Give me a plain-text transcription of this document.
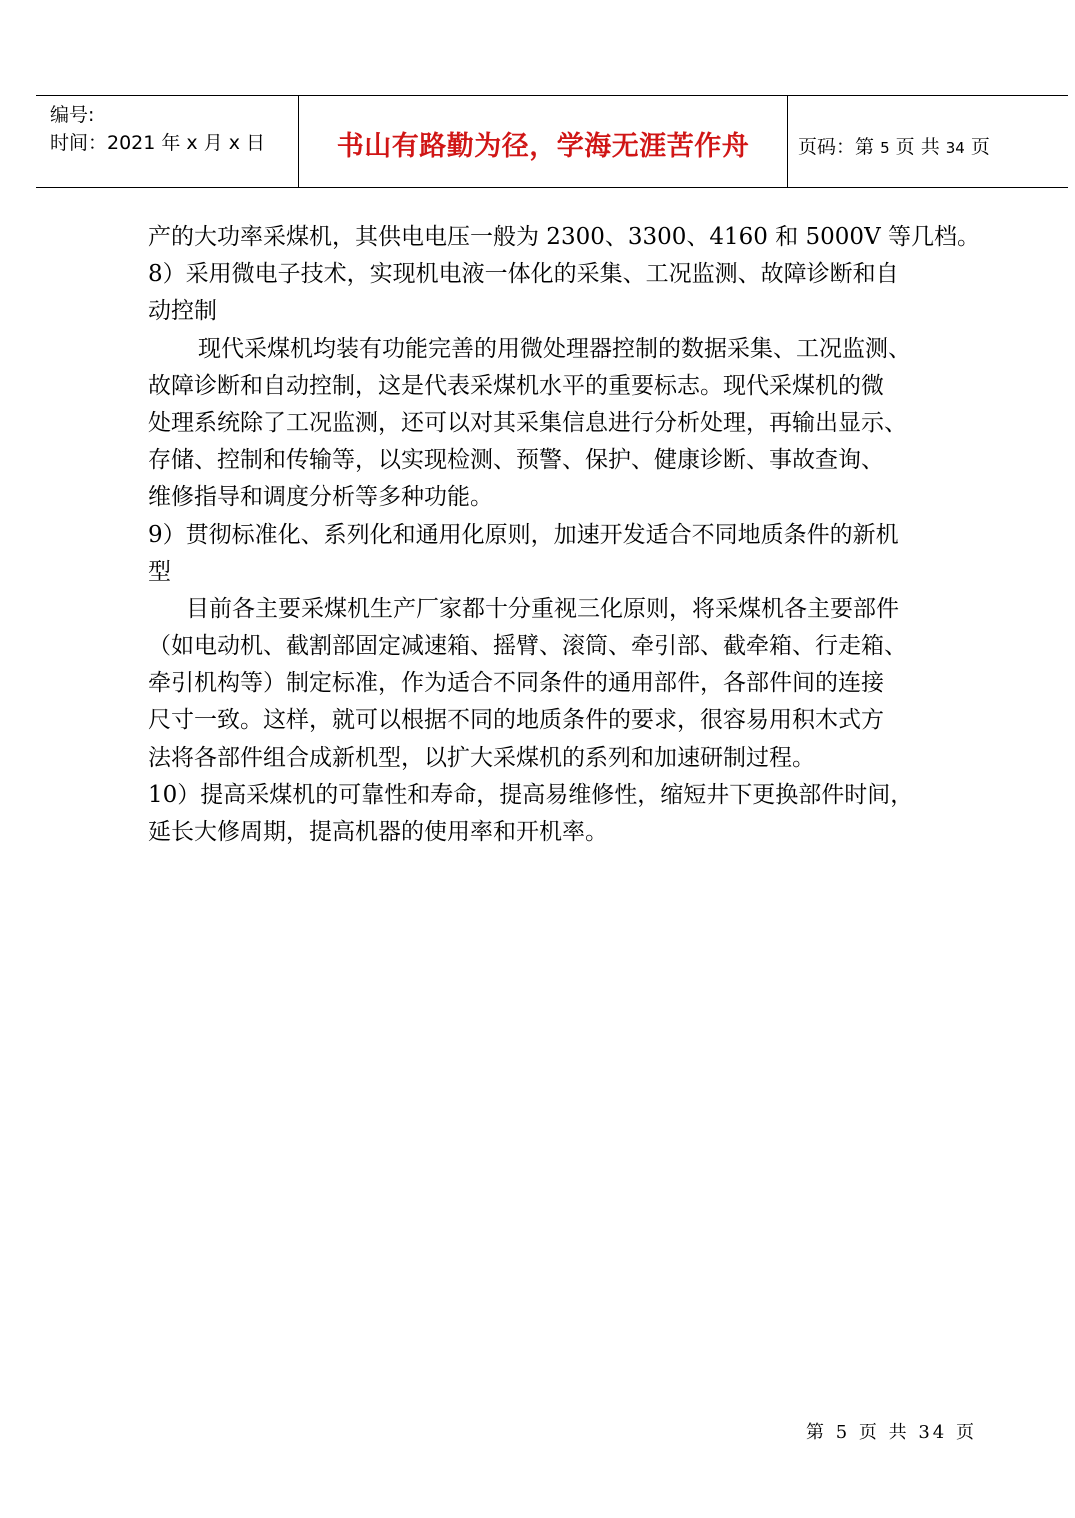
编号:
时间：2021 年 x 月 x 日	书山有路勤为径，学海无涯苦作舟	页码：第 5 页 共 34 页
产的大功率采煤机，其供电电压一般为 2300、3300、4160 和 5000V 等几档。
8）采用微电子技术，实现机电液一体化的采集、工况监测、故障诊断和自
动控制
现代采煤机均装有功能完善的用微处理器控制的数据采集、工况监测、
故障诊断和自动控制，这是代表采煤机水平的重要标志。现代采煤机的微
处理系统除了工况监测，还可以对其采集信息进行分析处理，再输出显示、
存储、控制和传输等，以实现检测、预警、保护、健康诊断、事故查询、
维修指导和调度分析等多种功能。
9）贯彻标准化、系列化和通用化原则，加速开发适合不同地质条件的新机
型
目前各主要采煤机生产厂家都十分重视三化原则，将采煤机各主要部件
（如电动机、截割部固定减速箱、摇臂、滚筒、牵引部、截牵箱、行走箱、
牵引机构等）制定标准，作为适合不同条件的通用部件，各部件间的连接
尺寸一致。这样，就可以根据不同的地质条件的要求，很容易用积木式方
法将各部件组合成新机型，以扩大采煤机的系列和加速研制过程。
10）提高采煤机的可靠性和寿命，提高易维修性，缩短井下更换部件时间，
延长大修周期，提高机器的使用率和开机率。
第 5 页 共 34 页
